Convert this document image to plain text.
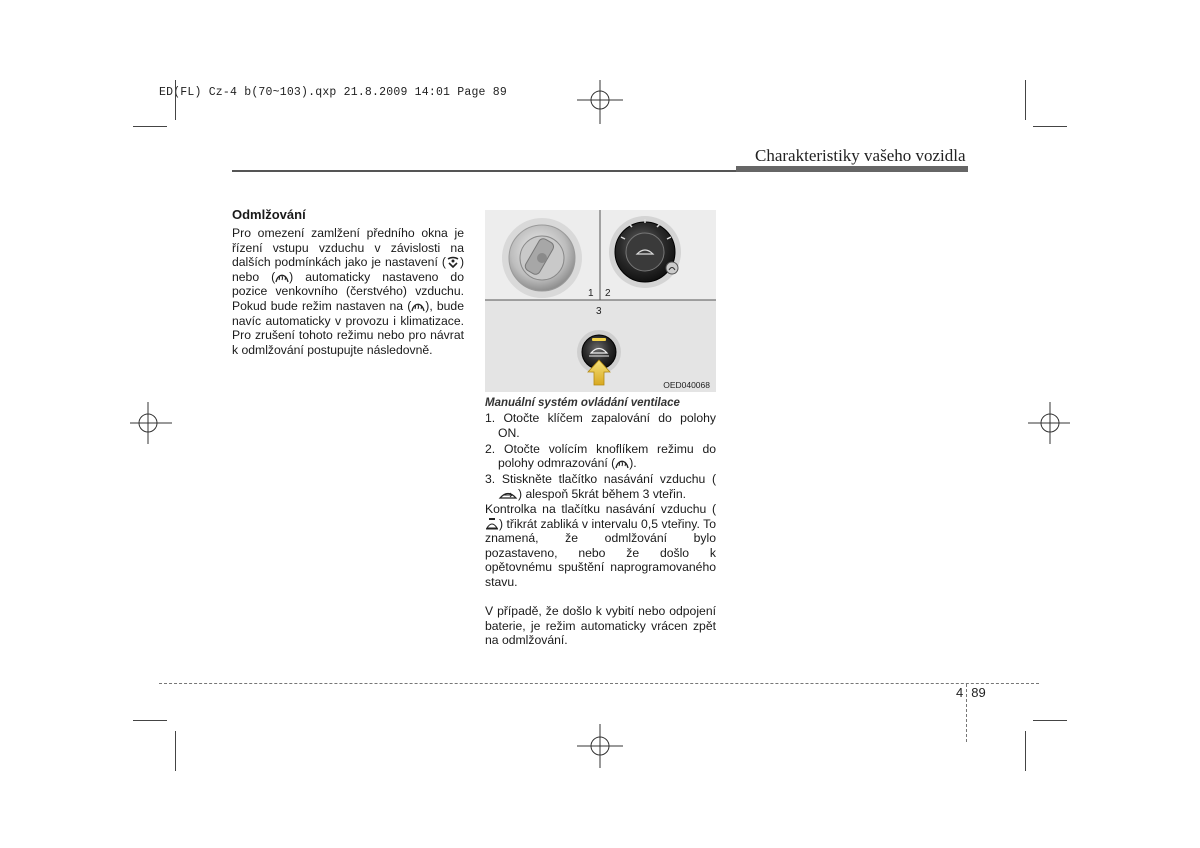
ED(FL) Cz-4 b(70~103).qxp 21.8.2009 14:01 Page 89
Charakteristiky vašeho vozidla
Odmlžování
Pro omezení zamlžení předního okna je řízení vstupu vzduchu v závislosti na dalších podmínkách jako je nastavení ( ) nebo ( ) automaticky nastaveno do pozice venkovního (čerstvého) vzduchu. Pokud bude režim nastaven na ( ), bude navíc automaticky v provozu i klimatizace. Pro zrušení tohoto režimu nebo pro návrat k odmlžování postupujte následovně.
1 2
3
OED040068
Manuální systém ovládání ventilace
1. Otočte klíčem zapalování do polohy ON.
2. Otočte volícím knoflíkem režimu do polohy odmrazování ( ).
3. Stiskněte tlačítko nasávání vzduchu () alespoň 5krát během 3 vteřin.
Kontrolka na tlačítku nasávání vzduchu () třikrát zabliká v intervalu 0,5 vteřiny. To znamená, že odmlžování bylo pozastaveno, nebo že došlo k opětovnému spuštění naprogramovaného stavu.
V případě, že došlo k vybití nebo odpojení baterie, je režim automaticky vrácen zpět na odmlžování.
4 89
